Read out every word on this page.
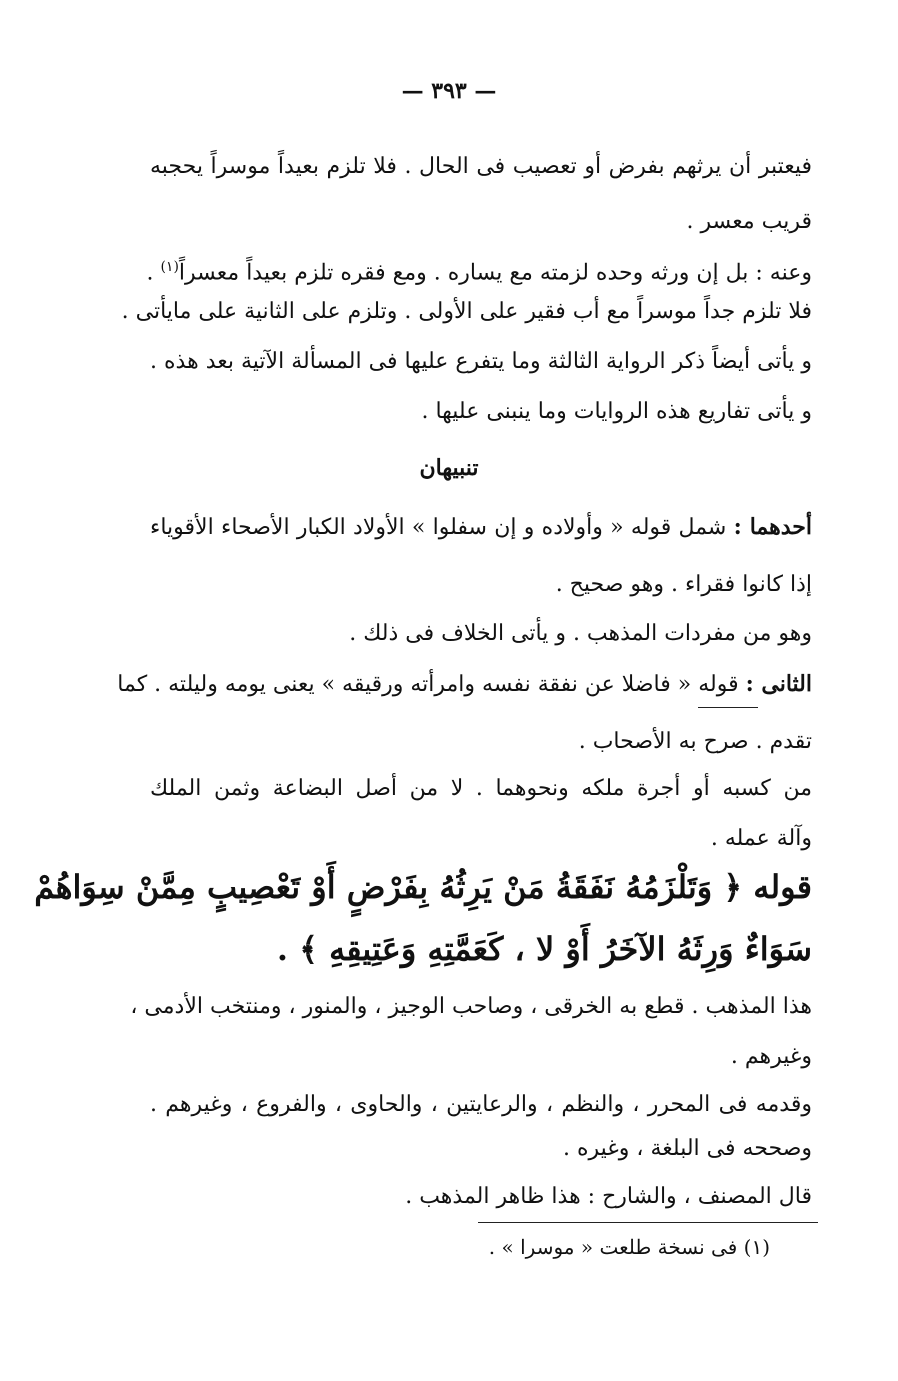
— ٣٩٣ —
فيعتبر أن يرثهم بفرض أو تعصيب فى الحال . فلا تلزم بعيداً موسراً يحجبه
قريب معسر .
وعنه : بل إن ورثه وحده لزمته مع يساره . ومع فقره تلزم بعيداً معسراً$^{(١)}$ .
فلا تلزم جداً موسراً مع أب فقير على الأولى . وتلزم على الثانية على مايأتى .
و يأتى أيضاً ذكر الرواية الثالثة وما يتفرع عليها فى المسألة الآتية بعد هذه .
و يأتى تفاريع هذه الروايات وما ينبنى عليها .
تنبيهان
أحدهما : شمل قوله « وأولاده و إن سفلوا » الأولاد الكبار الأصحاء الأقوياء
إذا كانوا فقراء . وهو صحيح .
وهو من مفردات المذهب . و يأتى الخلاف فى ذلك .
الثانى : قوله « فاضلا عن نفقة نفسه وامرأته ورقيقه » يعنى يومه وليلته . كما
تقدم . صرح به الأصحاب .
من كسبه أو أجرة ملكه ونحوهما . لا من أصل البضاعة وثمن الملك
وآلة عمله .
قوله ﴿ وَتَلْزَمُهُ نَفَقَةُ مَنْ يَرِثُهُ بِفَرْضٍ أَوْ تَعْصِيبٍ مِمَّنْ سِوَاهُمْ
سَوَاءٌ وَرِثَهُ الآخَرُ أَوْ لا ، كَعَمَّتِهِ وَعَتِيقِهِ ﴾ .
هذا المذهب . قطع به الخرقى ، وصاحب الوجيز ، والمنور ، ومنتخب الأدمى ،
وغيرهم .
وقدمه فى المحرر ، والنظم ، والرعايتين ، والحاوى ، والفروع ، وغيرهم .
وصححه فى البلغة ، وغيره .
قال المصنف ، والشارح : هذا ظاهر المذهب .
(١) فى نسخة طلعت « موسرا » .
